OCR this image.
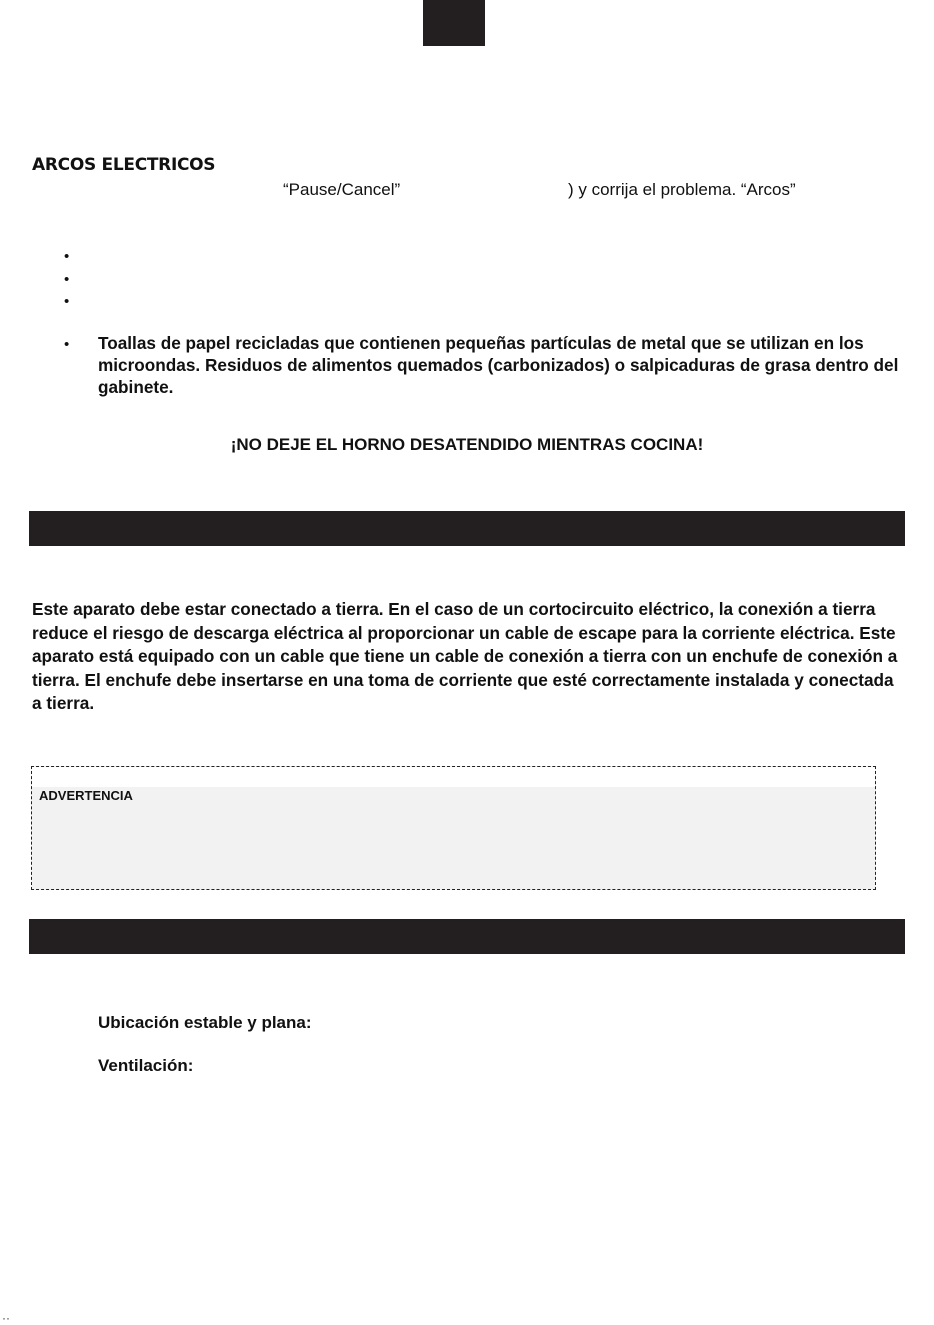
ARCOS ELECTRICOS
“Pause/Cancel”	) y corrija el problema. “Arcos”
•
•
•
•
Toallas de papel recicladas que contienen pequeñas partículas de metal que se utilizan en los microondas. Residuos de alimentos quemados (carbonizados) o salpicaduras de grasa dentro del gabinete.
¡NO DEJE EL HORNO DESATENDIDO MIENTRAS COCINA!
Este aparato debe estar conectado a tierra. En el caso de un cortocircuito eléctrico, la conexión a tierra reduce el riesgo de descarga eléctrica al proporcionar un cable de escape para la corriente eléctrica. Este aparato está equipado con un cable que tiene un cable de conexión a tierra con un enchufe de conexión a tierra. El enchufe debe insertarse en una toma de corriente que esté correctamente instalada y conectada a tierra.
ADVERTENCIA
Ubicación estable y plana:
Ventilación:
··
